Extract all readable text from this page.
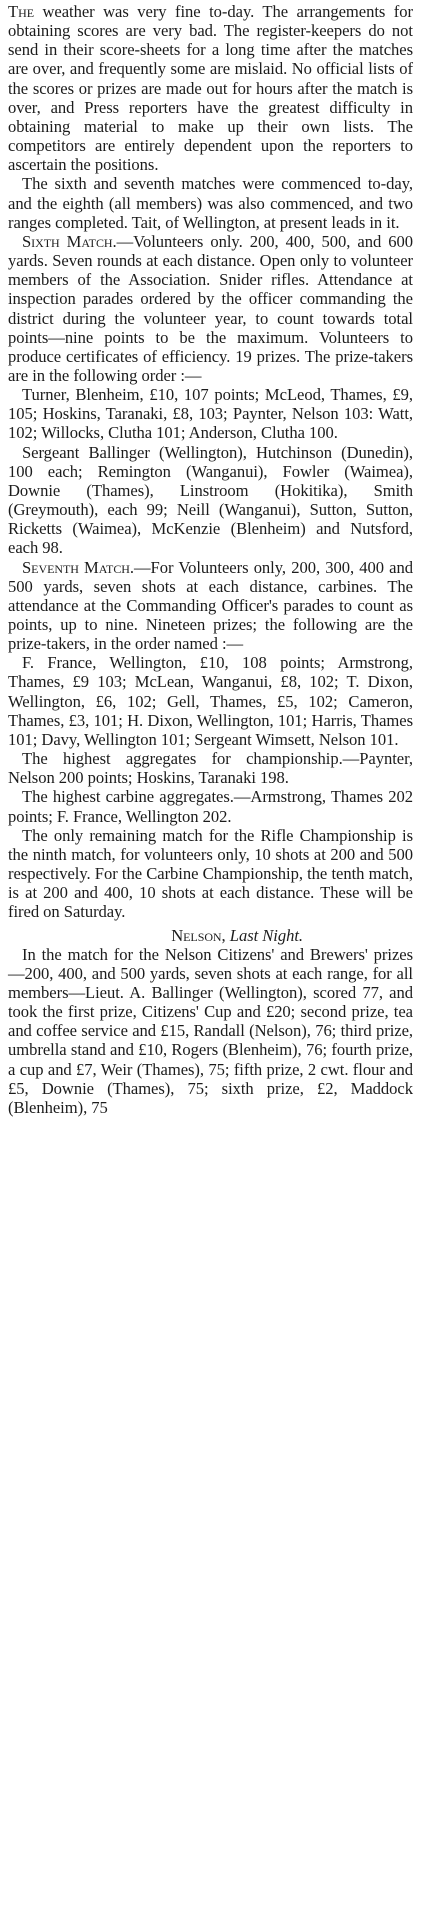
The weather was very fine to-day. The arrangements for obtaining scores are very bad. The register-keepers do not send in their score-sheets for a long time after the matches are over, and frequently some are mislaid. No official lists of the scores or prizes are made out for hours after the match is over, and Press reporters have the greatest difficulty in obtaining material to make up their own lists. The competitors are entirely dependent upon the reporters to ascertain the positions.

The sixth and seventh matches were commenced to-day, and the eighth (all members) was also commenced, and two ranges completed. Tait, of Wellington, at present leads in it.

Sixth Match.—Volunteers only. 200, 400, 500, and 600 yards. Seven rounds at each distance. Open only to volunteer members of the Association. Snider rifles. Attendance at inspection parades ordered by the officer commanding the district during the volunteer year, to count towards total points—nine points to be the maximum. Volunteers to produce certificates of efficiency. 19 prizes. The prize-takers are in the following order :—

Turner, Blenheim, £10, 107 points; McLeod, Thames, £9, 105; Hoskins, Taranaki, £8, 103; Paynter, Nelson 103: Watt, 102; Willocks, Clutha 101; Anderson, Clutha 100.

Sergeant Ballinger (Wellington), Hutchinson (Dunedin), 100 each; Remington (Wanganui), Fowler (Waimea), Downie (Thames), Linstroom (Hokitika), Smith (Greymouth), each 99; Neill (Wanganui), Sutton, Sutton, Ricketts (Waimea), McKenzie (Blenheim) and Nutsford, each 98.

Seventh Match.—For Volunteers only, 200, 300, 400 and 500 yards, seven shots at each distance, carbines. The attendance at the Commanding Officer's parades to count as points, up to nine. Nineteen prizes; the following are the prize-takers, in the order named :—

F. France, Wellington, £10, 108 points; Armstrong, Thames, £9 103; McLean, Wanganui, £8, 102; T. Dixon, Wellington, £6, 102; Gell, Thames, £5, 102; Cameron, Thames, £3, 101; H. Dixon, Wellington, 101; Harris, Thames 101; Davy, Wellington 101; Sergeant Wimsett, Nelson 101.

The highest aggregates for championship.—Paynter, Nelson 200 points; Hoskins, Taranaki 198.

The highest carbine aggregates.—Armstrong, Thames 202 points; F. France, Wellington 202.

The only remaining match for the Rifle Championship is the ninth match, for volunteers only, 10 shots at 200 and 500 respectively. For the Carbine Championship, the tenth match, is at 200 and 400, 10 shots at each distance. These will be fired on Saturday.

Nelson, Last Night.

In the match for the Nelson Citizens' and Brewers' prizes—200, 400, and 500 yards, seven shots at each range, for all members—Lieut. A. Ballinger (Wellington), scored 77, and took the first prize, Citizens' Cup and £20; second prize, tea and coffee service and £15, Randall (Nelson), 76; third prize, umbrella stand and £10, Rogers (Blenheim), 76; fourth prize, a cup and £7, Weir (Thames), 75; fifth prize, 2 cwt. flour and £5, Downie (Thames), 75; sixth prize, £2, Maddock (Blenheim), 75
